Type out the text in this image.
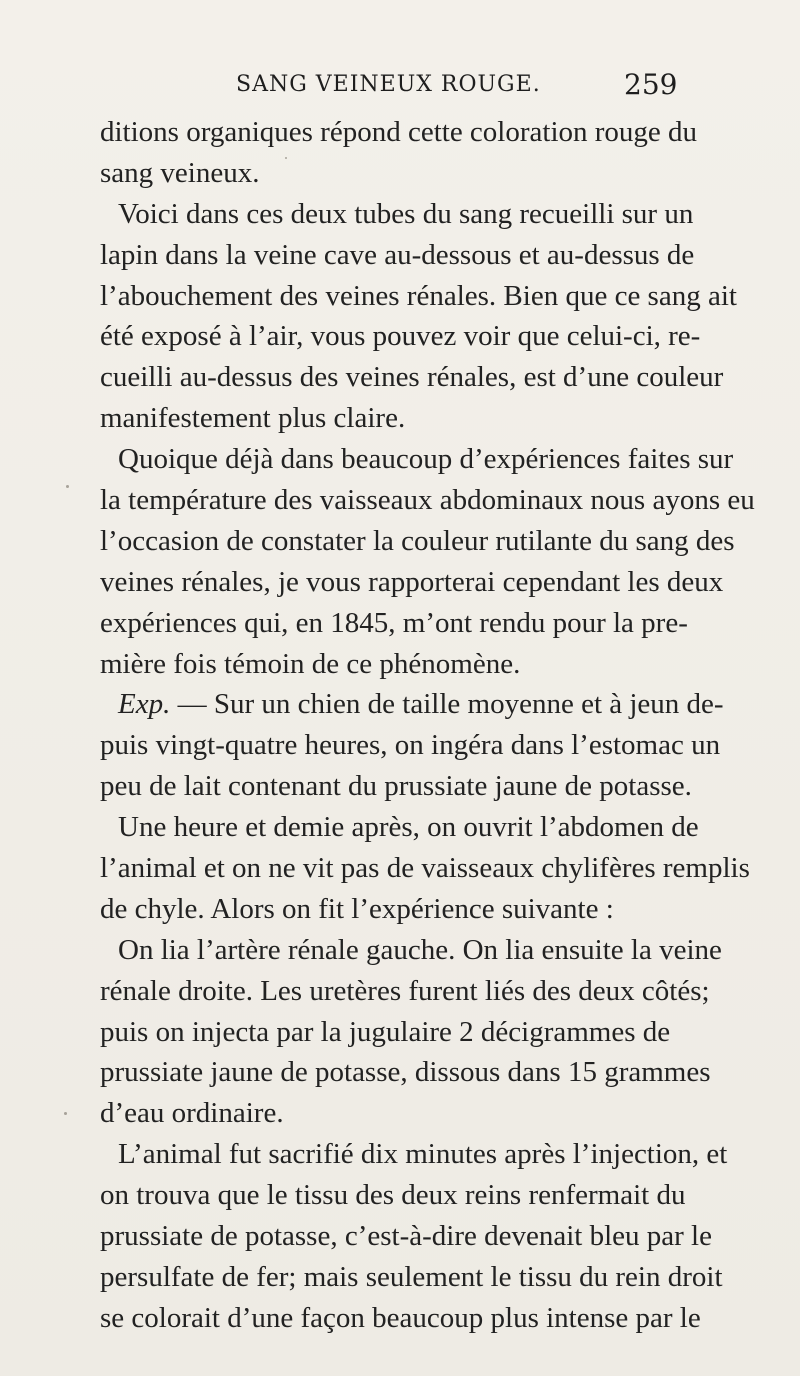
SANG VEINEUX ROUGE.	259
ditions organiques répond cette coloration rouge du
sang veineux.
Voici dans ces deux tubes du sang recueilli sur un
lapin dans la veine cave au-dessous et au-dessus de
l’abouchement des veines rénales. Bien que ce sang ait
été exposé à l’air, vous pouvez voir que celui-ci, re-
cueilli au-dessus des veines rénales, est d’une couleur
manifestement plus claire.
Quoique déjà dans beaucoup d’expériences faites sur
la température des vaisseaux abdominaux nous ayons eu
l’occasion de constater la couleur rutilante du sang des
veines rénales, je vous rapporterai cependant les deux
expériences qui, en 1845, m’ont rendu pour la pre-
mière fois témoin de ce phénomène.
Exp. — Sur un chien de taille moyenne et à jeun de-
puis vingt-quatre heures, on ingéra dans l’estomac un
peu de lait contenant du prussiate jaune de potasse.
Une heure et demie après, on ouvrit l’abdomen de
l’animal et on ne vit pas de vaisseaux chylifères remplis
de chyle. Alors on fit l’expérience suivante :
On lia l’artère rénale gauche. On lia ensuite la veine
rénale droite. Les uretères furent liés des deux côtés;
puis on injecta par la jugulaire 2 décigrammes de
prussiate jaune de potasse, dissous dans 15 grammes
d’eau ordinaire.
L’animal fut sacrifié dix minutes après l’injection, et
on trouva que le tissu des deux reins renfermait du
prussiate de potasse, c’est-à-dire devenait bleu par le
persulfate de fer; mais seulement le tissu du rein droit
se colorait d’une façon beaucoup plus intense par le
